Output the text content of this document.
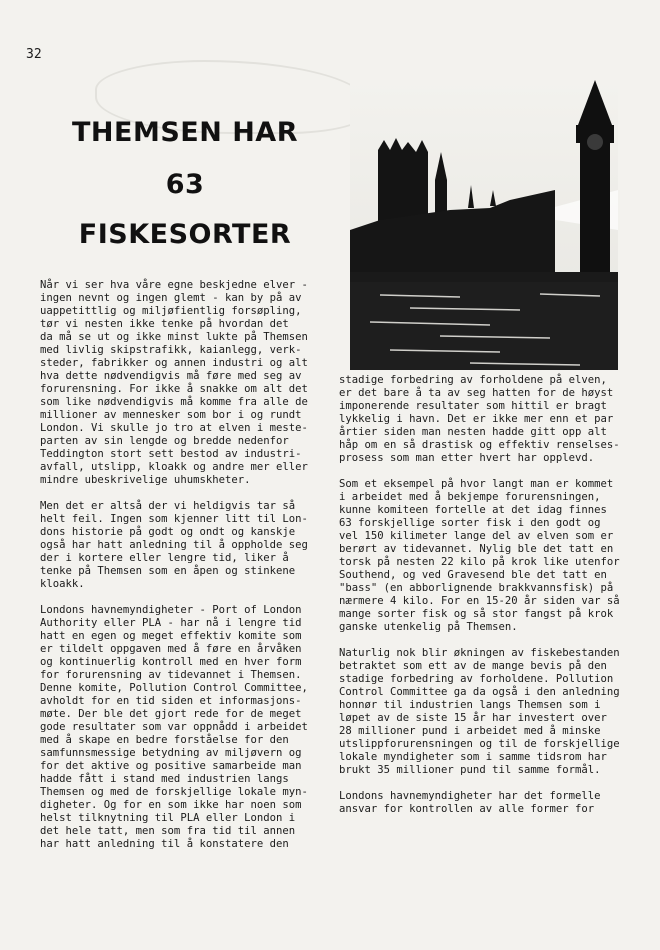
32
THEMSEN HAR
63
FISKESORTER

Når vi ser hva våre egne beskjedne elver -
ingen nevnt og ingen glemt - kan by på av
uappetittlig og miljøfientlig forsøpling,
tør vi nesten ikke tenke på hvordan det
da må se ut og ikke minst lukte på Themsen
med livlig skipstrafikk, kaianlegg, verk-
steder, fabrikker og annen industri og alt
hva dette nødvendigvis må føre med seg av
forurensning. For ikke å snakke om alt det
som like nødvendigvis må komme fra alle de
millioner av mennesker som bor i og rundt
London. Vi skulle jo tro at elven i meste-
parten av sin lengde og bredde nedenfor
Teddington stort sett bestod av industri-
avfall, utslipp, kloakk og andre mer eller
mindre ubeskrivelige uhumskheter.

Men det er altså der vi heldigvis tar så
helt feil. Ingen som kjenner litt til Lon-
dons historie på godt og ondt og kanskje
også har hatt anledning til å oppholde seg
der i kortere eller lengre tid, liker å
tenke på Themsen som en åpen og stinkene
kloakk.

Londons havnemyndigheter - Port of London
Authority eller PLA - har nå i lengre tid
hatt en egen og meget effektiv komite som
er tildelt oppgaven med å føre en årvåken
og kontinuerlig kontroll med en hver form
for forurensning av tidevannet i Themsen.
Denne komite, Pollution Control Committee,
avholdt for en tid siden et informasjons-
møte. Der ble det gjort rede for de meget
gode resultater som var oppnådd i arbeidet
med å skape en bedre forståelse for den
samfunnsmessige betydning av miljøvern og
for det aktive og positive samarbeide man
hadde fått i stand med industrien langs
Themsen og med de forskjellige lokale myn-
digheter. Og for en som ikke har noen som
helst tilknytning til PLA eller London i
det hele tatt, men som fra tid til annen
har hatt anledning til å konstatere den

stadige forbedring av forholdene på elven,
er det bare å ta av seg hatten for de høyst
imponerende resultater som hittil er bragt
lykkelig i havn. Det er ikke mer enn et par
årtier siden man nesten hadde gitt opp alt
håp om en så drastisk og effektiv renselses-
prosess som man etter hvert har opplevd.

Som et eksempel på hvor langt man er kommet
i arbeidet med å bekjempe forurensningen,
kunne komiteen fortelle at det idag finnes
63 forskjellige sorter fisk i den godt og
vel 150 kilimeter lange del av elven som er
berørt av tidevannet. Nylig ble det tatt en
torsk på nesten 22 kilo på krok like utenfor
Southend, og ved Gravesend ble det tatt en
"bass" (en abborlignende brakkvannsfisk) på
nærmere 4 kilo. For en 15-20 år siden var så
mange sorter fisk og så stor fangst på krok
ganske utenkelig på Themsen.

Naturlig nok blir økningen av fiskebestanden
betraktet som ett av de mange bevis på den
stadige forbedring av forholdene. Pollution
Control Committee ga da også i den anledning
honnør til industrien langs Themsen som i
løpet av de siste 15 år har investert over
28 millioner pund i arbeidet med å minske
utslippforurensningen og til de forskjellige
lokale myndigheter som i samme tidsrom har
brukt 35 millioner pund til samme formål.

Londons havnemyndigheter har det formelle
ansvar for kontrollen av alle former for
